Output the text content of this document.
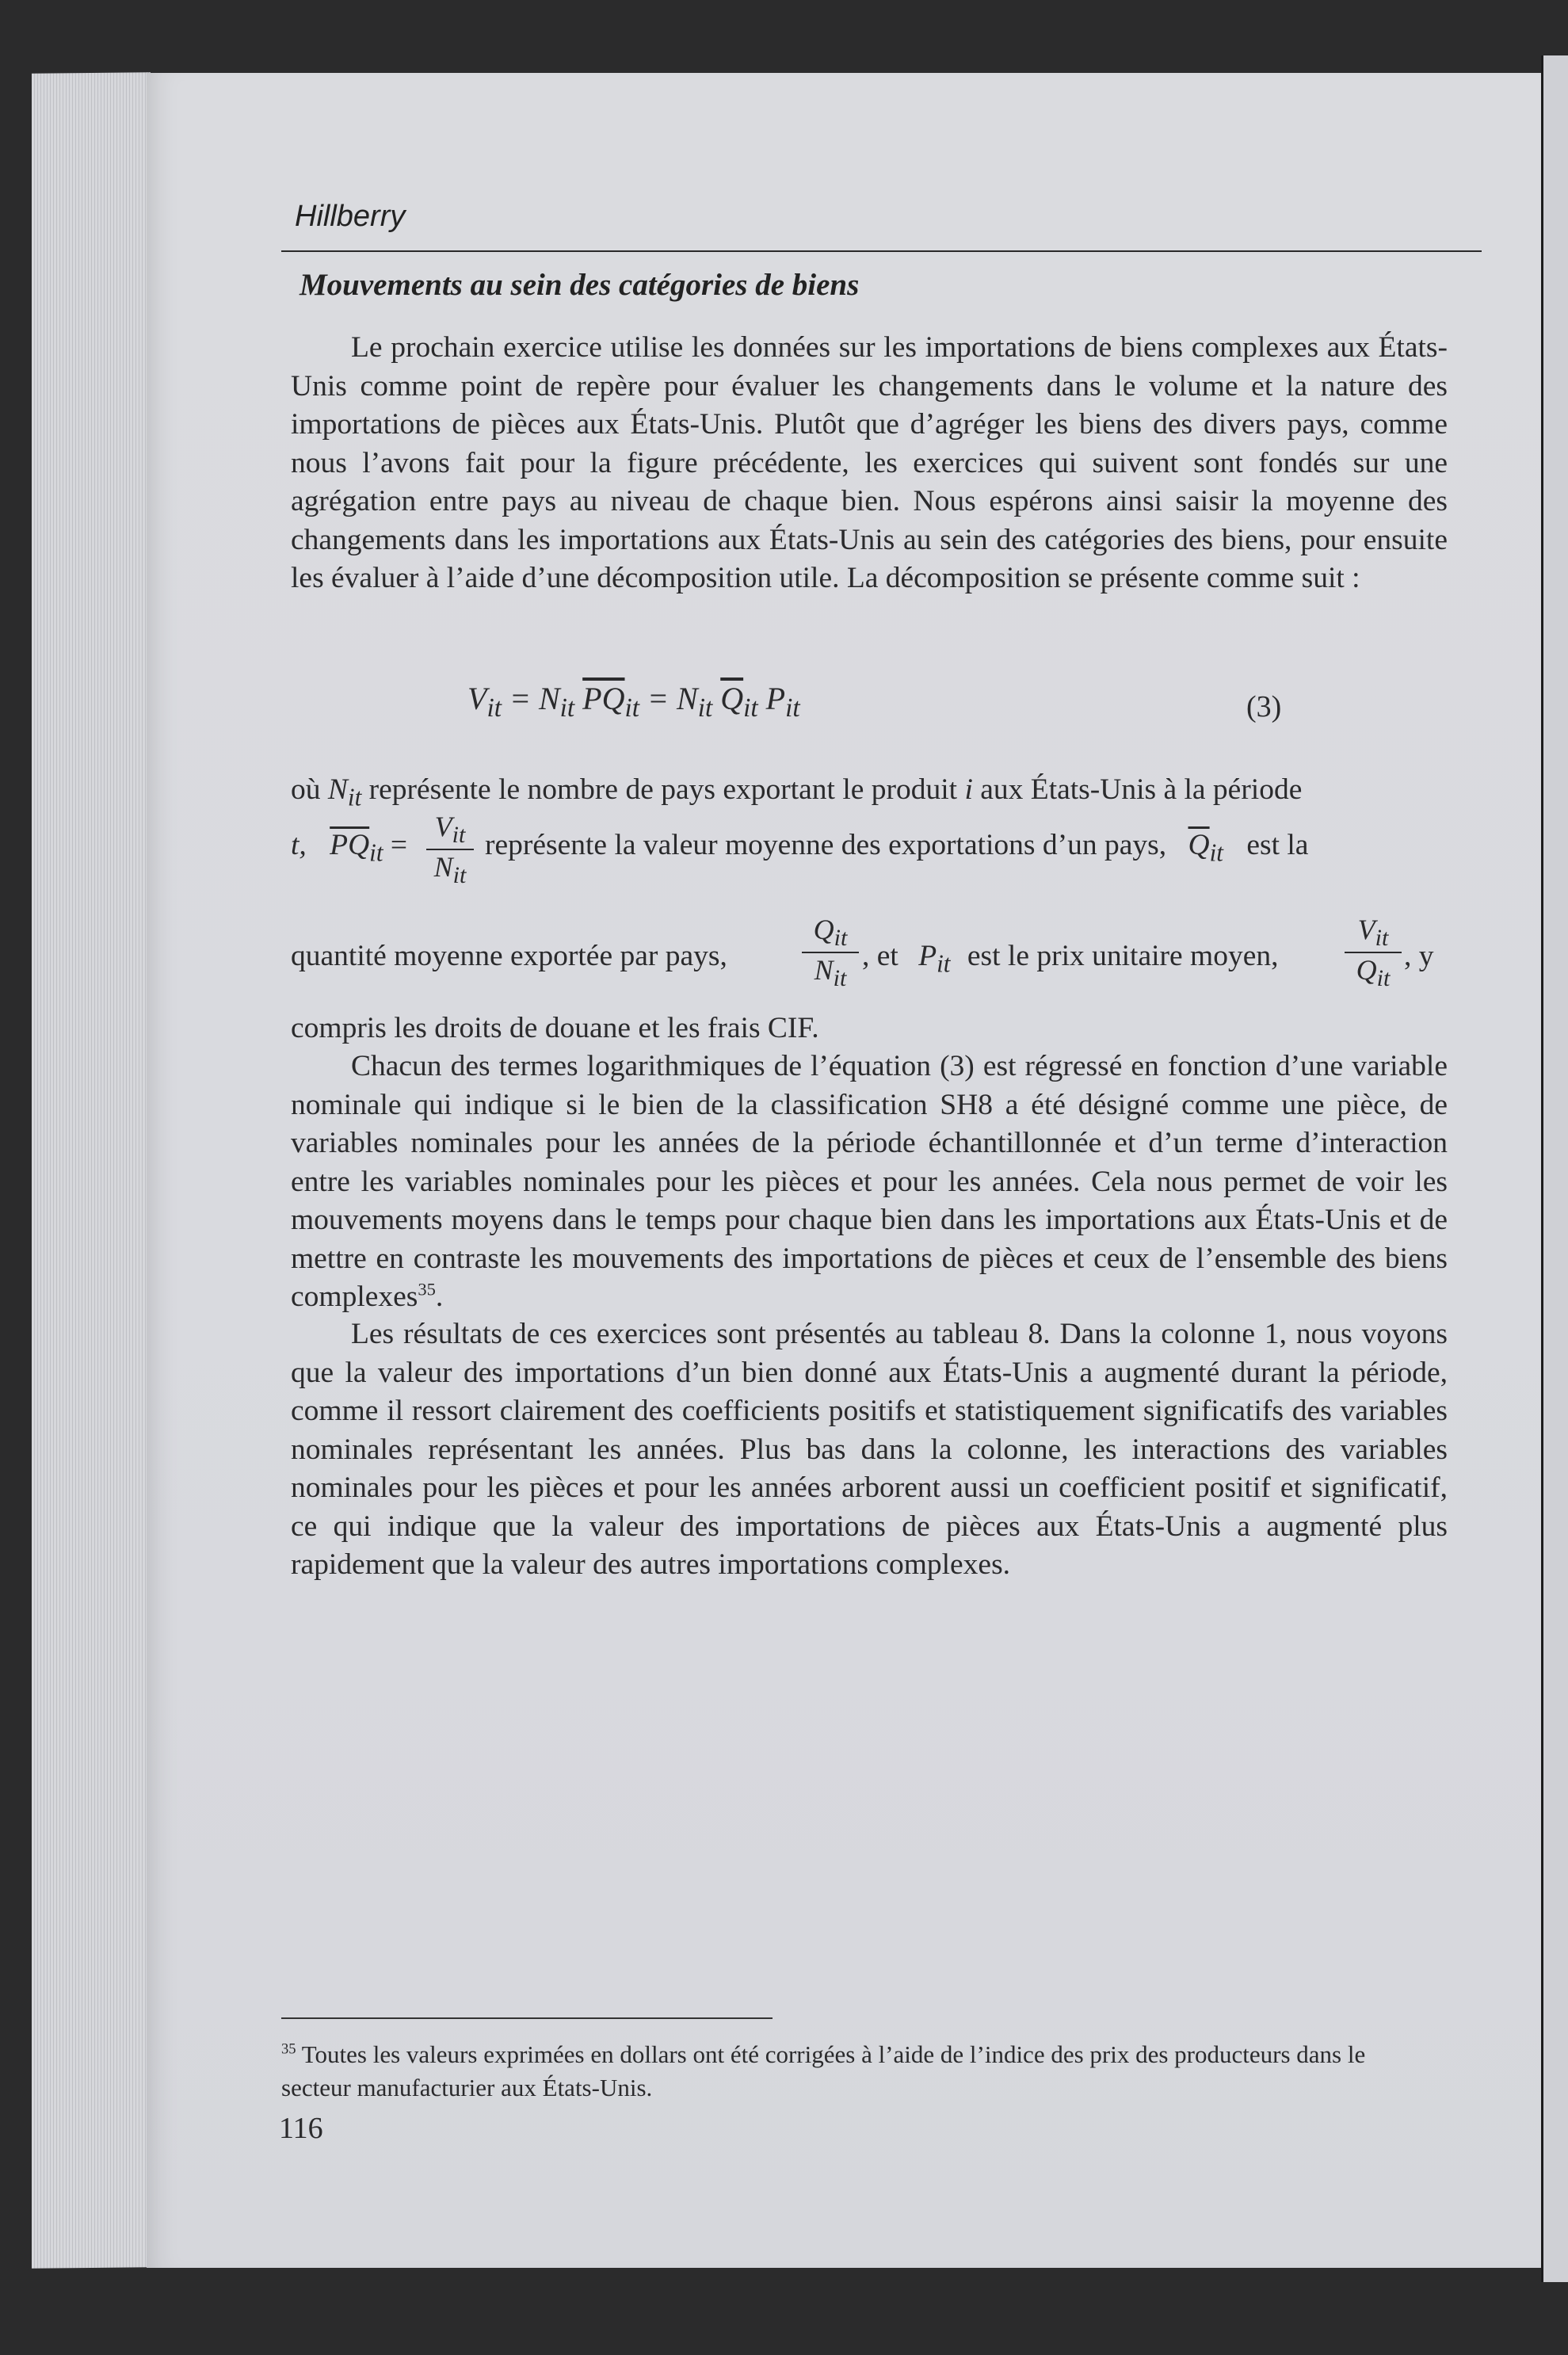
Hillberry
Mouvements au sein des catégories de biens

Le prochain exercice utilise les données sur les importations de biens complexes aux États-Unis comme point de repère pour évaluer les changements dans le volume et la nature des importations de pièces aux États-Unis. Plutôt que d’agréger les biens des divers pays, comme nous l’avons fait pour la figure précédente, les exercices qui suivent sont fondés sur une agrégation entre pays au niveau de chaque bien. Nous espérons ainsi saisir la moyenne des changements dans les importations aux États-Unis au sein des catégories des biens, pour ensuite les évaluer à l’aide d’une décomposition utile. La décomposition se présente comme suit :

$V_{it} = N_{it}$ $\overline{PQ}_{it} = N_{it}$ $\overline{Q}_{it}$ $P_{it}$	(3)
où $N_{it}$ représente le nombre de pays exportant le produit i aux États-Unis à la période
t, $\overline{PQ}_{it}$ =
$V_{it}$
$N_{it}$
représente la valeur moyenne des exportations d’un pays, $\overline{Q}_{it}$ est la
quantité moyenne exportée par pays,
$Q_{it}$
$N_{it}$
, et $P_{it}$ est le prix unitaire moyen,
$V_{it}$
$Q_{it}$
, y
compris les droits de douane et les frais CIF.

Chacun des termes logarithmiques de l’équation (3) est régressé en fonction d’une variable nominale qui indique si le bien de la classification SH8 a été désigné comme une pièce, de variables nominales pour les années de la période échantillonnée et d’un terme d’interaction entre les variables nominales pour les pièces et pour les années. Cela nous permet de voir les mouvements moyens dans le temps pour chaque bien dans les importations aux États-Unis et de mettre en contraste les mouvements des importations de pièces et ceux de l’ensemble des biens complexes$^{35}$.

Les résultats de ces exercices sont présentés au tableau 8. Dans la colonne 1, nous voyons que la valeur des importations d’un bien donné aux États-Unis a augmenté durant la période, comme il ressort clairement des coefficients positifs et statistiquement significatifs des variables nominales représentant les années. Plus bas dans la colonne, les interactions des variables nominales pour les pièces et pour les années arborent aussi un coefficient positif et significatif, ce qui indique que la valeur des importations de pièces aux États-Unis a augmenté plus rapidement que la valeur des autres importations complexes.

$^{35}$ Toutes les valeurs exprimées en dollars ont été corrigées à l’aide de l’indice des prix des producteurs dans le secteur manufacturier aux États-Unis.

116
